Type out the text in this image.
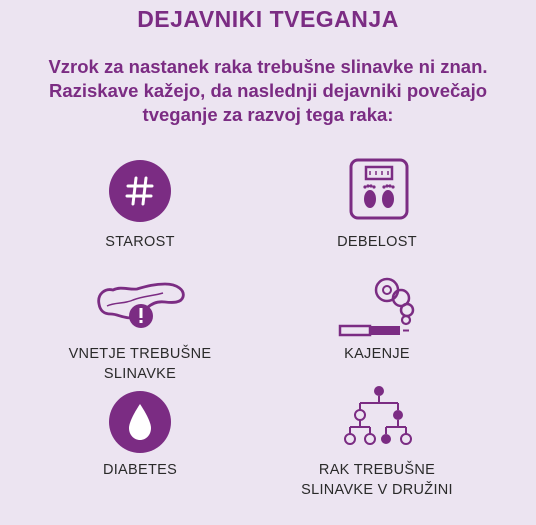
DEJAVNIKI TVEGANJA
Vzrok za nastanek raka trebušne slinavke ni znan.
Raziskave kažejo, da naslednji dejavniki povečajo
tveganje za razvoj tega raka:
STAROST	DEBELOST
VNETJE TREBUŠNE
SLINAVKE
KAJENJE
DIABETES	RAK TREBUŠNE
SLINAVKE V DRUŽINI
